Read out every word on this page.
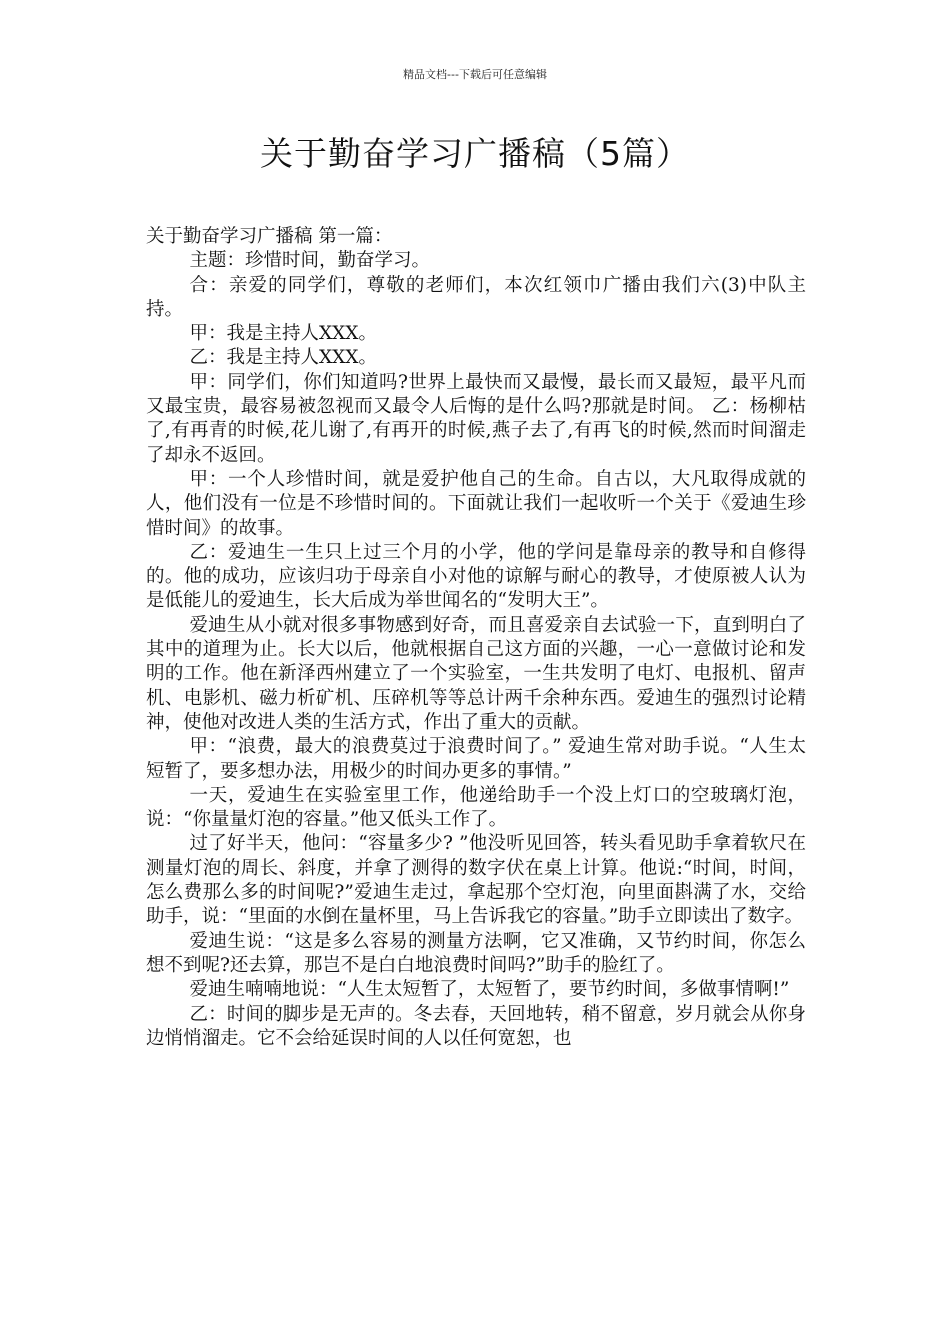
精品文档---下载后可任意编辑
关于勤奋学习广播稿（5篇）

关于勤奋学习广播稿 第一篇：

主题：珍惜时间，勤奋学习。

合：亲爱的同学们，尊敬的老师们，本次红领巾广播由我们六(3)中队主持。

甲：我是主持人XXX。

乙：我是主持人XXX。

甲：同学们，你们知道吗?世界上最快而又最慢，最长而又最短，最平凡而又最宝贵，最容易被忽视而又最令人后悔的是什么吗?那就是时间。 乙：杨柳枯了,有再青的时候,花儿谢了,有再开的时候,燕子去了,有再飞的时候,然而时间溜走了却永不返回。

甲：一个人珍惜时间，就是爱护他自己的生命。自古以，大凡取得成就的人，他们没有一位是不珍惜时间的。下面就让我们一起收听一个关于《爱迪生珍惜时间》的故事。

乙：爱迪生一生只上过三个月的小学，他的学问是靠母亲的教导和自修得的。他的成功，应该归功于母亲自小对他的谅解与耐心的教导，才使原被人认为是低能儿的爱迪生，长大后成为举世闻名的“发明大王”。

爱迪生从小就对很多事物感到好奇，而且喜爱亲自去试验一下，直到明白了其中的道理为止。长大以后，他就根据自己这方面的兴趣，一心一意做讨论和发明的工作。他在新泽西州建立了一个实验室，一生共发明了电灯、电报机、留声机、电影机、磁力析矿机、压碎机等等总计两千余种东西。爱迪生的强烈讨论精神，使他对改进人类的生活方式，作出了重大的贡献。

甲：“浪费，最大的浪费莫过于浪费时间了。” 爱迪生常对助手说。“人生太短暂了，要多想办法，用极少的时间办更多的事情。”

一天，爱迪生在实验室里工作，他递给助手一个没上灯口的空玻璃灯泡，说：“你量量灯泡的容量。”他又低头工作了。

过了好半天，他问：“容量多少? ”他没听见回答，转头看见助手拿着软尺在测量灯泡的周长、斜度，并拿了测得的数字伏在桌上计算。他说:“时间，时间，怎么费那么多的时间呢?”爱迪生走过，拿起那个空灯泡，向里面斟满了水，交给助手，说：“里面的水倒在量杯里，马上告诉我它的容量。”助手立即读出了数字。

爱迪生说：“这是多么容易的测量方法啊，它又准确，又节约时间，你怎么想不到呢?还去算，那岂不是白白地浪费时间吗?”助手的脸红了。

爱迪生喃喃地说：“人生太短暂了，太短暂了，要节约时间，多做事情啊!”

乙：时间的脚步是无声的。冬去春，天回地转，稍不留意，岁月就会从你身边悄悄溜走。它不会给延误时间的人以任何宽恕，也
